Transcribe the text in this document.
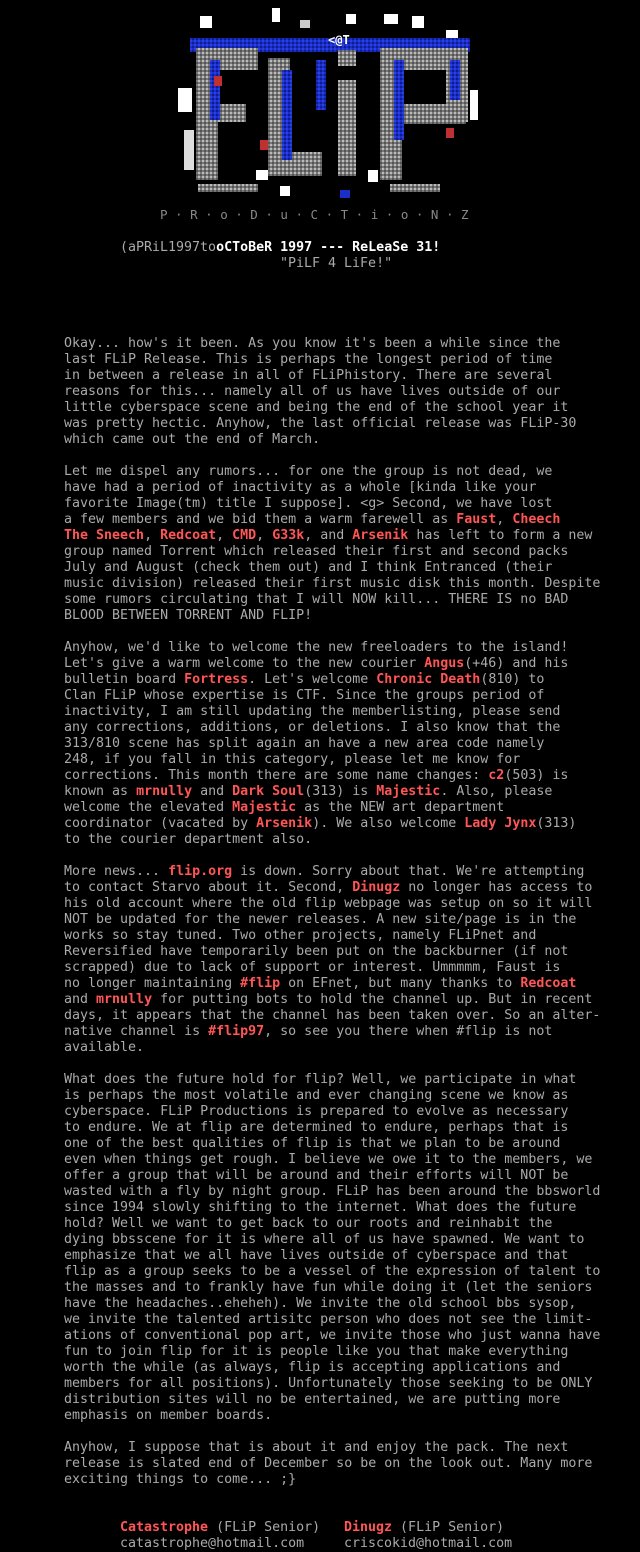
<@T
P · R · o · D · u · C · T · i · o · N · Z
(aPRiL1997tooCToBeR 1997 --- ReLeaSe 31!
"PiLF 4 LiFe!"
Okay... how's it been. As you know it's been a while since the
last FLiP Release. This is perhaps the longest period of time
in between a release in all of FLiPhistory. There are several
reasons for this... namely all of us have lives outside of our
little cyberspace scene and being the end of the school year it
was pretty hectic. Anyhow, the last official release was FLiP-30
which came out the end of March.

Let me dispel any rumors... for one the group is not dead, we
have had a period of inactivity as a whole [kinda like your
favorite Image(tm) title I suppose]. <g> Second, we have lost
a few members and we bid them a warm farewell as Faust, Cheech
The Sneech, Redcoat, CMD, G33k, and Arsenik has left to form a new
group named Torrent which released their first and second packs
July and August (check them out) and I think Entranced (their
music division) released their first music disk this month. Despite
some rumors circulating that I will NOW kill... THERE IS no BAD
BLOOD BETWEEN TORRENT AND FLIP!

Anyhow, we'd like to welcome the new freeloaders to the island!
Let's give a warm welcome to the new courier Angus(+46) and his
bulletin board Fortress. Let's welcome Chronic Death(810) to
Clan FLiP whose expertise is CTF. Since the groups period of
inactivity, I am still updating the memberlisting, please send
any corrections, additions, or deletions. I also know that the
313/810 scene has split again an have a new area code namely
248, if you fall in this category, please let me know for
corrections. This month there are some name changes: c2(503) is
known as mrnully and Dark Soul(313) is Majestic. Also, please
welcome the elevated Majestic as the NEW art department
coordinator (vacated by Arsenik). We also welcome Lady Jynx(313)
to the courier department also.

More news... flip.org is down. Sorry about that. We're attempting
to contact Starvo about it. Second, Dinugz no longer has access to
his old account where the old flip webpage was setup on so it will
NOT be updated for the newer releases. A new site/page is in the
works so stay tuned. Two other projects, namely FLiPnet and
Reversified have temporarily been put on the backburner (if not
scrapped) due to lack of support or interest. Ummmmm, Faust is
no longer maintaining #flip on EFnet, but many thanks to Redcoat
and mrnully for putting bots to hold the channel up. But in recent
days, it appears that the channel has been taken over. So an alter-
native channel is #flip97, so see you there when #flip is not
available.

What does the future hold for flip? Well, we participate in what
is perhaps the most volatile and ever changing scene we know as
cyberspace. FLiP Productions is prepared to evolve as necessary
to endure. We at flip are determined to endure, perhaps that is
one of the best qualities of flip is that we plan to be around
even when things get rough. I believe we owe it to the members, we
offer a group that will be around and their efforts will NOT be
wasted with a fly by night group. FLiP has been around the bbsworld
since 1994 slowly shifting to the internet. What does the future
hold? Well we want to get back to our roots and reinhabit the
dying bbsscene for it is where all of us have spawned. We want to
emphasize that we all have lives outside of cyberspace and that
flip as a group seeks to be a vessel of the expression of talent to
the masses and to frankly have fun while doing it (let the seniors
have the headaches..eheheh). We invite the old school bbs sysop,
we invite the talented artisitc person who does not see the limit-
ations of conventional pop art, we invite those who just wanna have
fun to join flip for it is people like you that make everything
worth the while (as always, flip is accepting applications and
members for all positions). Unfortunately those seeking to be ONLY
distribution sites will no be entertained, we are putting more
emphasis on member boards.

Anyhow, I suppose that is about it and enjoy the pack. The next
release is slated end of December so be on the look out. Many more
exciting things to come... ;}
Catastrophe (FLiP Senior)
catastrophe@hotmail.com
Dinugz (FLiP Senior)
criscokid@hotmail.com
